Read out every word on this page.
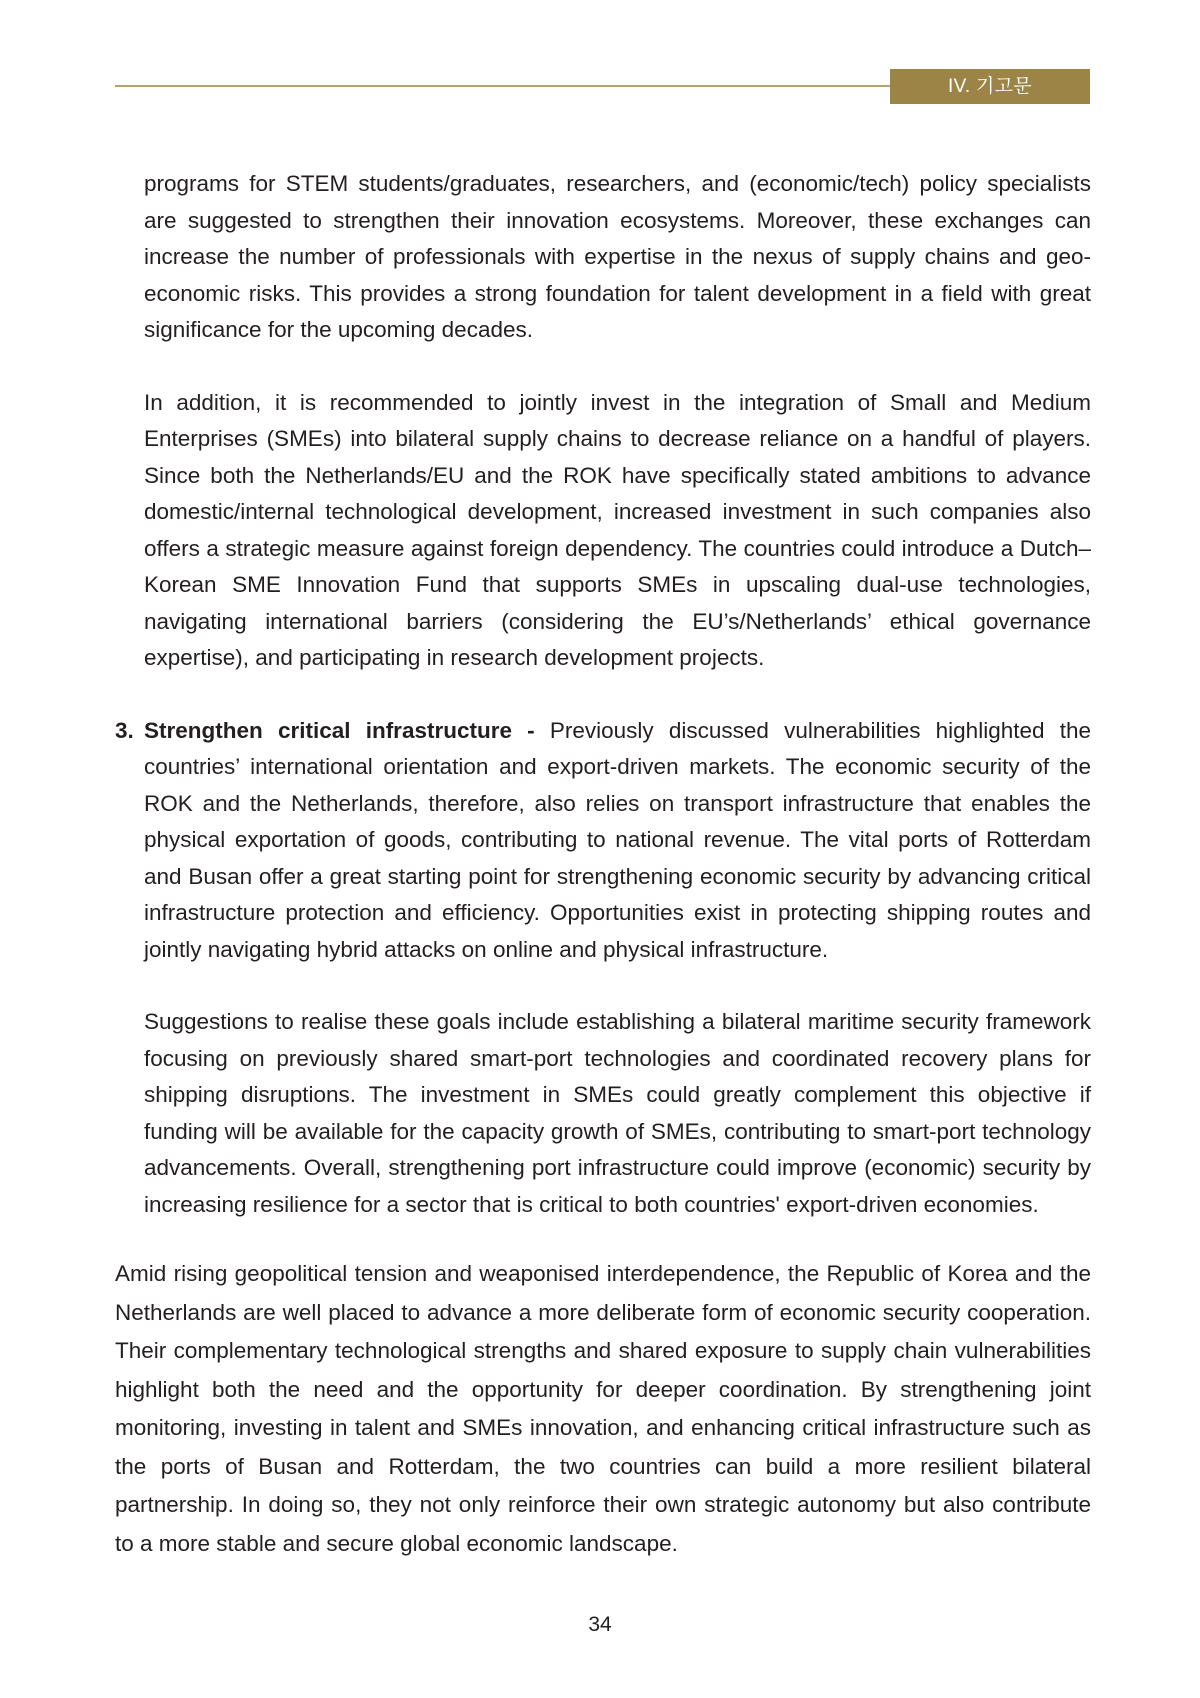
IV. 기고문

programs for STEM students/graduates, researchers, and (economic/tech) policy specialists are suggested to strengthen their innovation ecosystems. Moreover, these exchanges can increase the number of professionals with expertise in the nexus of supply chains and geo-economic risks. This provides a strong foundation for talent development in a field with great significance for the upcoming decades.

In addition, it is recommended to jointly invest in the integration of Small and Medium Enterprises (SMEs) into bilateral supply chains to decrease reliance on a handful of players. Since both the Netherlands/EU and the ROK have specifically stated ambitions to advance domestic/internal technological development, increased investment in such companies also offers a strategic measure against foreign dependency. The countries could introduce a Dutch–Korean SME Innovation Fund that supports SMEs in upscaling dual-use technologies, navigating international barriers (considering the EU’s/Netherlands’ ethical governance expertise), and participating in research development projects.

3. Strengthen critical infrastructure - Previously discussed vulnerabilities highlighted the countries’ international orientation and export-driven markets. The economic security of the ROK and the Netherlands, therefore, also relies on transport infrastructure that enables the physical exportation of goods, contributing to national revenue. The vital ports of Rotterdam and Busan offer a great starting point for strengthening economic security by advancing critical infrastructure protection and efficiency. Opportunities exist in protecting shipping routes and jointly navigating hybrid attacks on online and physical infrastructure.

Suggestions to realise these goals include establishing a bilateral maritime security framework focusing on previously shared smart-port technologies and coordinated recovery plans for shipping disruptions. The investment in SMEs could greatly complement this objective if funding will be available for the capacity growth of SMEs, contributing to smart-port technology advancements. Overall, strengthening port infrastructure could improve (economic) security by increasing resilience for a sector that is critical to both countries' export-driven economies.

Amid rising geopolitical tension and weaponised interdependence, the Republic of Korea and the Netherlands are well placed to advance a more deliberate form of economic security cooperation. Their complementary technological strengths and shared exposure to supply chain vulnerabilities highlight both the need and the opportunity for deeper coordination. By strengthening joint monitoring, investing in talent and SMEs innovation, and enhancing critical infrastructure such as the ports of Busan and Rotterdam, the two countries can build a more resilient bilateral partnership. In doing so, they not only reinforce their own strategic autonomy but also contribute to a more stable and secure global economic landscape.

34
